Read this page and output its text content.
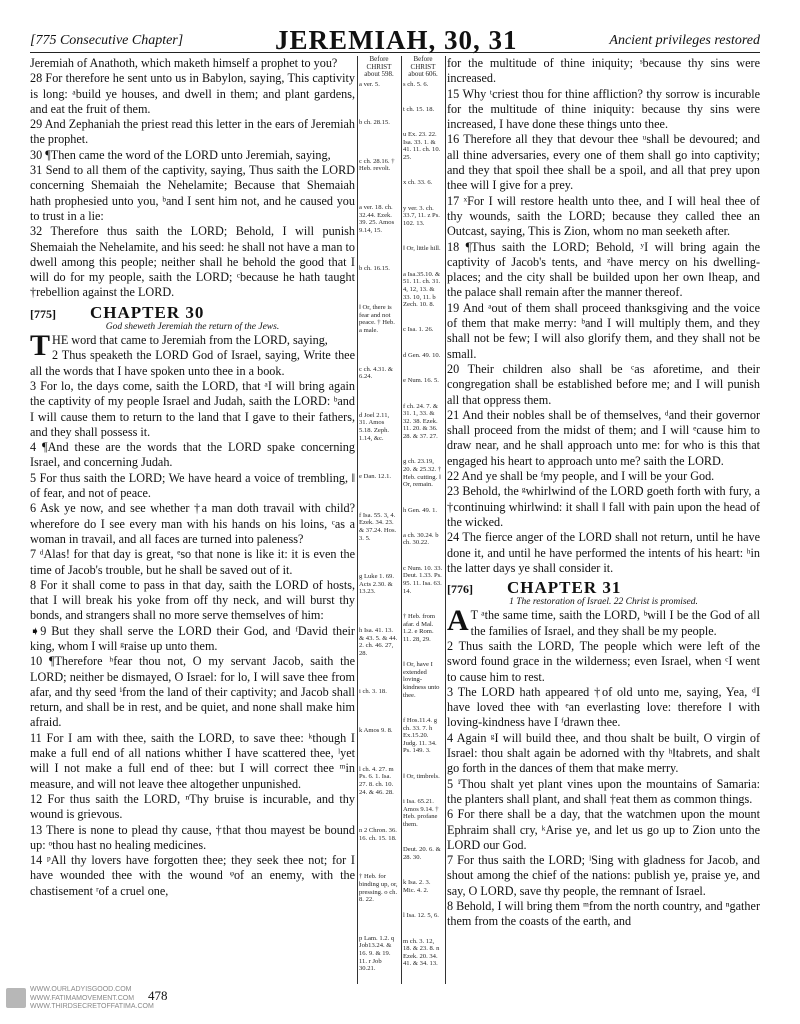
[775 Consecutive Chapter]	JEREMIAH, 30, 31	Ancient privileges restored

Jeremiah of Anathoth, which maketh himself a prophet to you?

28 For therefore he sent unto us in Babylon, saying, This captivity is long: ᵃbuild ye houses, and dwell in them; and plant gardens, and eat the fruit of them.

29 And Zephaniah the priest read this letter in the ears of Jeremiah the prophet.

30 ¶Then came the word of the LORD unto Jeremiah, saying,

31 Send to all them of the captivity, saying, Thus saith the LORD concerning Shemaiah the Nehelamite; Because that Shemaiah hath prophesied unto you, ᵇand I sent him not, and he caused you to trust in a lie:

32 Therefore thus saith the LORD; Behold, I will punish Shemaiah the Nehelamite, and his seed: he shall not have a man to dwell among this people; neither shall he behold the good that I will do for my people, saith the LORD; ᶜbecause he hath taught †rebellion against the LORD.

[775]	CHAPTER 30
God sheweth Jeremiah the return of the Jews.

THE word that came to Jeremiah from the LORD, saying,

2 Thus speaketh the LORD God of Israel, saying, Write thee all the words that I have spoken unto thee in a book.

3 For lo, the days come, saith the LORD, that ᵃI will bring again the captivity of my people Israel and Judah, saith the LORD: ᵇand I will cause them to return to the land that I gave to their fathers, and they shall possess it.

4 ¶And these are the words that the LORD spake concerning Israel, and concerning Judah.

5 For thus saith the LORD; We have heard a voice of trembling, ‖ of fear, and not of peace.

6 Ask ye now, and see whether †a man doth travail with child? wherefore do I see every man with his hands on his loins, ᶜas a woman in travail, and all faces are turned into paleness?

7 ᵈAlas! for that day is great, ᵉso that none is like it: it is even the time of Jacob's trouble, but he shall be saved out of it.

8 For it shall come to pass in that day, saith the LORD of hosts, that I will break his yoke from off thy neck, and will burst thy bonds, and strangers shall no more serve themselves of him:

➧9 But they shall serve the LORD their God, and ᶠDavid their king, whom I will ᵍraise up unto them.

10 ¶Therefore ʰfear thou not, O my servant Jacob, saith the LORD; neither be dismayed, O Israel: for lo, I will save thee from afar, and thy seed ⁱfrom the land of their captivity; and Jacob shall return, and shall be in rest, and be quiet, and none shall make him afraid.

11 For I am with thee, saith the LORD, to save thee: ᵏthough I make a full end of all nations whither I have scattered thee, ˡyet will I not make a full end of thee: but I will correct thee ᵐin measure, and will not leave thee altogether unpunished.

12 For thus saith the LORD, ⁿThy bruise is incurable, and thy wound is grievous.

13 There is none to plead thy cause, †that thou mayest be bound up: ᵒthou hast no healing medicines.

14 ᵖAll thy lovers have forgotten thee; they seek thee not; for I have wounded thee with the wound ᵠof an enemy, with the chastisement ʳof a cruel one,

Before CHRIST about 598.
a ver. 5.
b ch. 28.15.
c ch. 28.16. † Heb. revolt.
a ver. 18. ch. 32.44. Ezek. 39. 25. Amos 9.14, 15.
b ch. 16.15.
‖ Or, there is fear and not peace. † Heb. a male.
c ch. 4.31. & 6.24.
d Joel 2.11, 31. Amos 5.18. Zeph. 1.14, &c.
e Dan. 12.1.
f Isa. 55. 3, 4. Ezek. 34. 23. & 37.24. Hos. 3. 5.
g Luke 1. 69. Acts 2.30. & 13.23.
h Isa. 41. 13. & 43. 5. & 44. 2. ch. 46. 27, 28.
i ch. 3. 18.
k Amos 9. 8.
l ch. 4. 27. m Ps. 6. 1. Isa. 27. 8. ch. 10. 24. & 46. 28.
n 2 Chron. 36. 16. ch. 15. 18.
† Heb. for binding up, or, pressing. o ch. 8. 22.
p Lam. 1.2. q Job13.24. & 16. 9. & 19. 11. r Job 30.21.
Before CHRIST about 606.
s ch. 5. 6.
t ch. 15. 18.
u Ex. 23. 22. Isa. 33. 1. & 41. 11. ch. 10. 25.
x ch. 33. 6.
y ver. 3. ch. 33.7, 11. z Ps. 102. 13.
‖ Or, little hill.
a Isa.35.10. & 51. 11. ch. 31. 4, 12, 13. & 33. 10, 11. b Zech. 10. 8.
c Isa. 1. 26.
d Gen. 49. 10.
e Num. 16. 5.
f ch. 24. 7. & 31. 1, 33. & 32. 38. Ezek. 11. 20. & 36. 28. & 37. 27.
g ch. 23.19, 20. & 25.32. † Heb. cutting. ‖ Or, remain.
h Gen. 49. 1.
a ch. 30.24. b ch. 30.22.
c Num. 10. 33. Deut. 1.33. Ps. 95. 11. Isa. 63. 14.
† Heb. from afar. d Mal. 1.2. e Rom. 11. 28, 29.
‖ Or, have I extended loving-kindness unto thee.
f Hos.11.4. g ch. 33. 7. h Ex.15.20. Judg. 11. 34. Ps. 149. 3.
‖ Or, timbrels.
i Isa. 65.21. Amos 9.14. † Heb. profane them.
Deut. 20. 6. & 28. 30.
k Isa. 2. 3. Mic. 4. 2.
l Isa. 12. 5, 6.
m ch. 3. 12, 18. & 23. 8. n Ezek. 20. 34. 41. & 34. 13.

for the multitude of thine iniquity; ˢbecause thy sins were increased.

15 Why ᵗcriest thou for thine affliction? thy sorrow is incurable for the multitude of thine iniquity: because thy sins were increased, I have done these things unto thee.

16 Therefore all they that devour thee ᵘshall be devoured; and all thine adversaries, every one of them shall go into captivity; and they that spoil thee shall be a spoil, and all that prey upon thee will I give for a prey.

17 ˣFor I will restore health unto thee, and I will heal thee of thy wounds, saith the LORD; because they called thee an Outcast, saying, This is Zion, whom no man seeketh after.

18 ¶Thus saith the LORD; Behold, ʸI will bring again the captivity of Jacob's tents, and ᶻhave mercy on his dwelling-places; and the city shall be builded upon her own ‖heap, and the palace shall remain after the manner thereof.

19 And ᵃout of them shall proceed thanksgiving and the voice of them that make merry: ᵇand I will multiply them, and they shall not be few; I will also glorify them, and they shall not be small.

20 Their children also shall be ᶜas aforetime, and their congregation shall be established before me; and I will punish all that oppress them.

21 And their nobles shall be of themselves, ᵈand their governor shall proceed from the midst of them; and I will ᵉcause him to draw near, and he shall approach unto me: for who is this that engaged his heart to approach unto me? saith the LORD.

22 And ye shall be ᶠmy people, and I will be your God.

23 Behold, the ᵍwhirlwind of the LORD goeth forth with fury, a †continuing whirlwind: it shall ‖ fall with pain upon the head of the wicked.

24 The fierce anger of the LORD shall not return, until he have done it, and until he have performed the intents of his heart: ʰin the latter days ye shall consider it.

[776]	CHAPTER 31
1 The restoration of Israel. 22 Christ is promised.

A T ᵃthe same time, saith the LORD, ᵇwill I be the God of all the families of Israel, and they shall be my people.

2 Thus saith the LORD, The people which were left of the sword found grace in the wilderness; even Israel, when ᶜI went to cause him to rest.

3 The LORD hath appeared †of old unto me, saying, Yea, ᵈI have loved thee with ᵉan everlasting love: therefore ‖ with loving-kindness have I ᶠdrawn thee.

4 Again ᵍI will build thee, and thou shalt be built, O virgin of Israel: thou shalt again be adorned with thy ʰ‖tabrets, and shalt go forth in the dances of them that make merry.

5 ⁱThou shalt yet plant vines upon the mountains of Samaria: the planters shall plant, and shall †eat them as common things.

6 For there shall be a day, that the watchmen upon the mount Ephraim shall cry, ᵏArise ye, and let us go up to Zion unto the LORD our God.

7 For thus saith the LORD; ˡSing with gladness for Jacob, and shout among the chief of the nations: publish ye, praise ye, and say, O LORD, save thy people, the remnant of Israel.

8 Behold, I will bring them ᵐfrom the north country, and ⁿgather them from the coasts of the earth, and

WWW.OURLADYISGOOD.COM
WWW.FATIMAMOVEMENT.COM
WWW.THIRDSECRETOFFATIMA.COM
478
